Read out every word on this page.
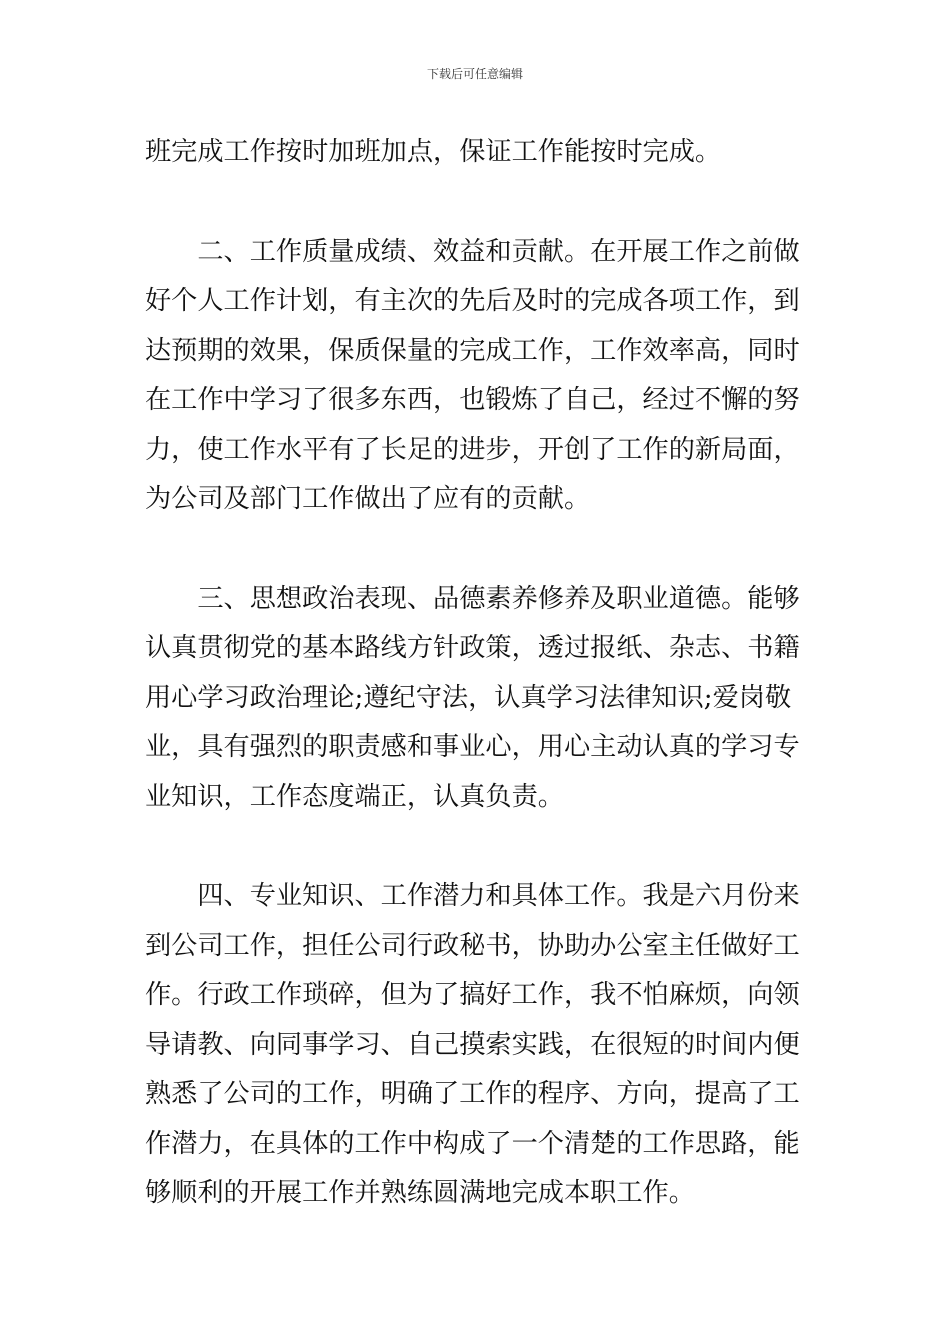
下载后可任意编辑

班完成工作按时加班加点，保证工作能按时完成。

　　二、工作质量成绩、效益和贡献。在开展工作之前做
好个人工作计划，有主次的先后及时的完成各项工作，到
达预期的效果，保质保量的完成工作，工作效率高，同时
在工作中学习了很多东西，也锻炼了自己，经过不懈的努
力，使工作水平有了长足的进步，开创了工作的新局面，
为公司及部门工作做出了应有的贡献。

　　三、思想政治表现、品德素养修养及职业道德。能够
认真贯彻党的基本路线方针政策，透过报纸、杂志、书籍
用心学习政治理论;遵纪守法，认真学习法律知识;爱岗敬
业，具有强烈的职责感和事业心，用心主动认真的学习专
业知识，工作态度端正，认真负责。

　　四、专业知识、工作潜力和具体工作。我是六月份来
到公司工作，担任公司行政秘书，协助办公室主任做好工
作。行政工作琐碎，但为了搞好工作，我不怕麻烦，向领
导请教、向同事学习、自己摸索实践，在很短的时间内便
熟悉了公司的工作，明确了工作的程序、方向，提高了工
作潜力，在具体的工作中构成了一个清楚的工作思路，能
够顺利的开展工作并熟练圆满地完成本职工作。
